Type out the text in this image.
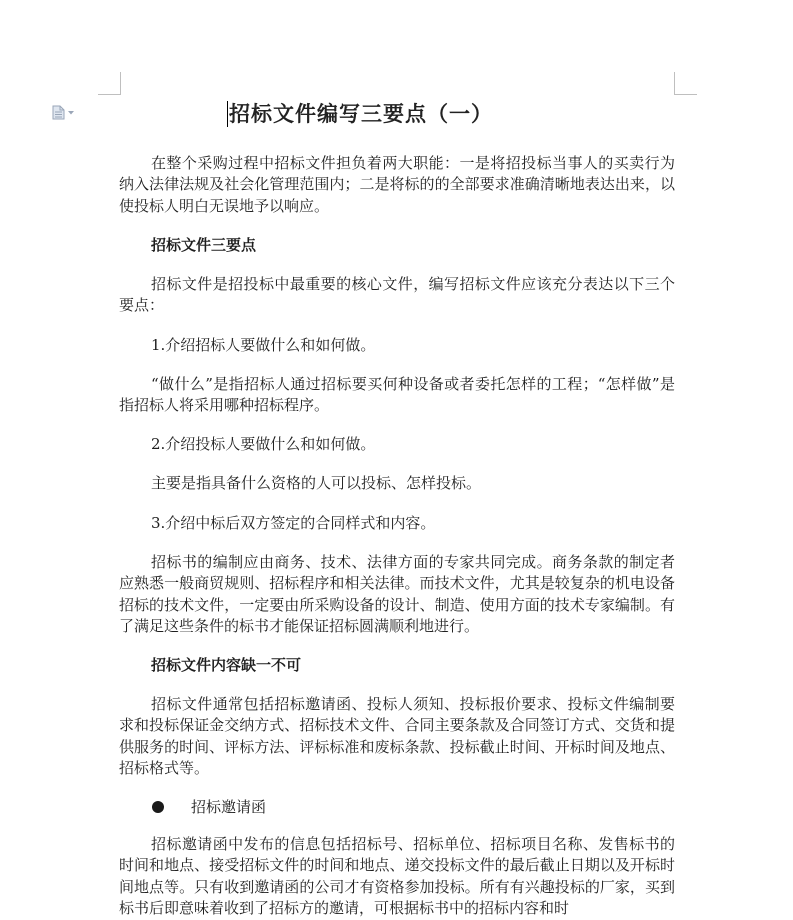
招标文件编写三要点（一）

在整个采购过程中招标文件担负着两大职能：一是将招投标当事人的买卖行为纳入法律法规及社会化管理范围内；二是将标的的全部要求准确清晰地表达出来，以使投标人明白无误地予以响应。

招标文件三要点

招标文件是招投标中最重要的核心文件，编写招标文件应该充分表达以下三个要点：

1.介绍招标人要做什么和如何做。

“做什么”是指招标人通过招标要买何种设备或者委托怎样的工程；“怎样做”是指招标人将采用哪种招标程序。

2.介绍投标人要做什么和如何做。

主要是指具备什么资格的人可以投标、怎样投标。

3.介绍中标后双方签定的合同样式和内容。

招标书的编制应由商务、技术、法律方面的专家共同完成。商务条款的制定者应熟悉一般商贸规则、招标程序和相关法律。而技术文件，尤其是较复杂的机电设备招标的技术文件，一定要由所采购设备的设计、制造、使用方面的技术专家编制。有了满足这些条件的标书才能保证招标圆满顺利地进行。

招标文件内容缺一不可

招标文件通常包括招标邀请函、投标人须知、投标报价要求、投标文件编制要求和投标保证金交纳方式、招标技术文件、合同主要条款及合同签订方式、交货和提供服务的时间、评标方法、评标标准和废标条款、投标截止时间、开标时间及地点、招标格式等。

招标邀请函

招标邀请函中发布的信息包括招标号、招标单位、招标项目名称、发售标书的时间和地点、接受招标文件的时间和地点、递交投标文件的最后截止日期以及开标时间地点等。只有收到邀请函的公司才有资格参加投标。所有有兴趣投标的厂家，买到标书后即意味着收到了招标方的邀请，可根据标书中的招标内容和时
